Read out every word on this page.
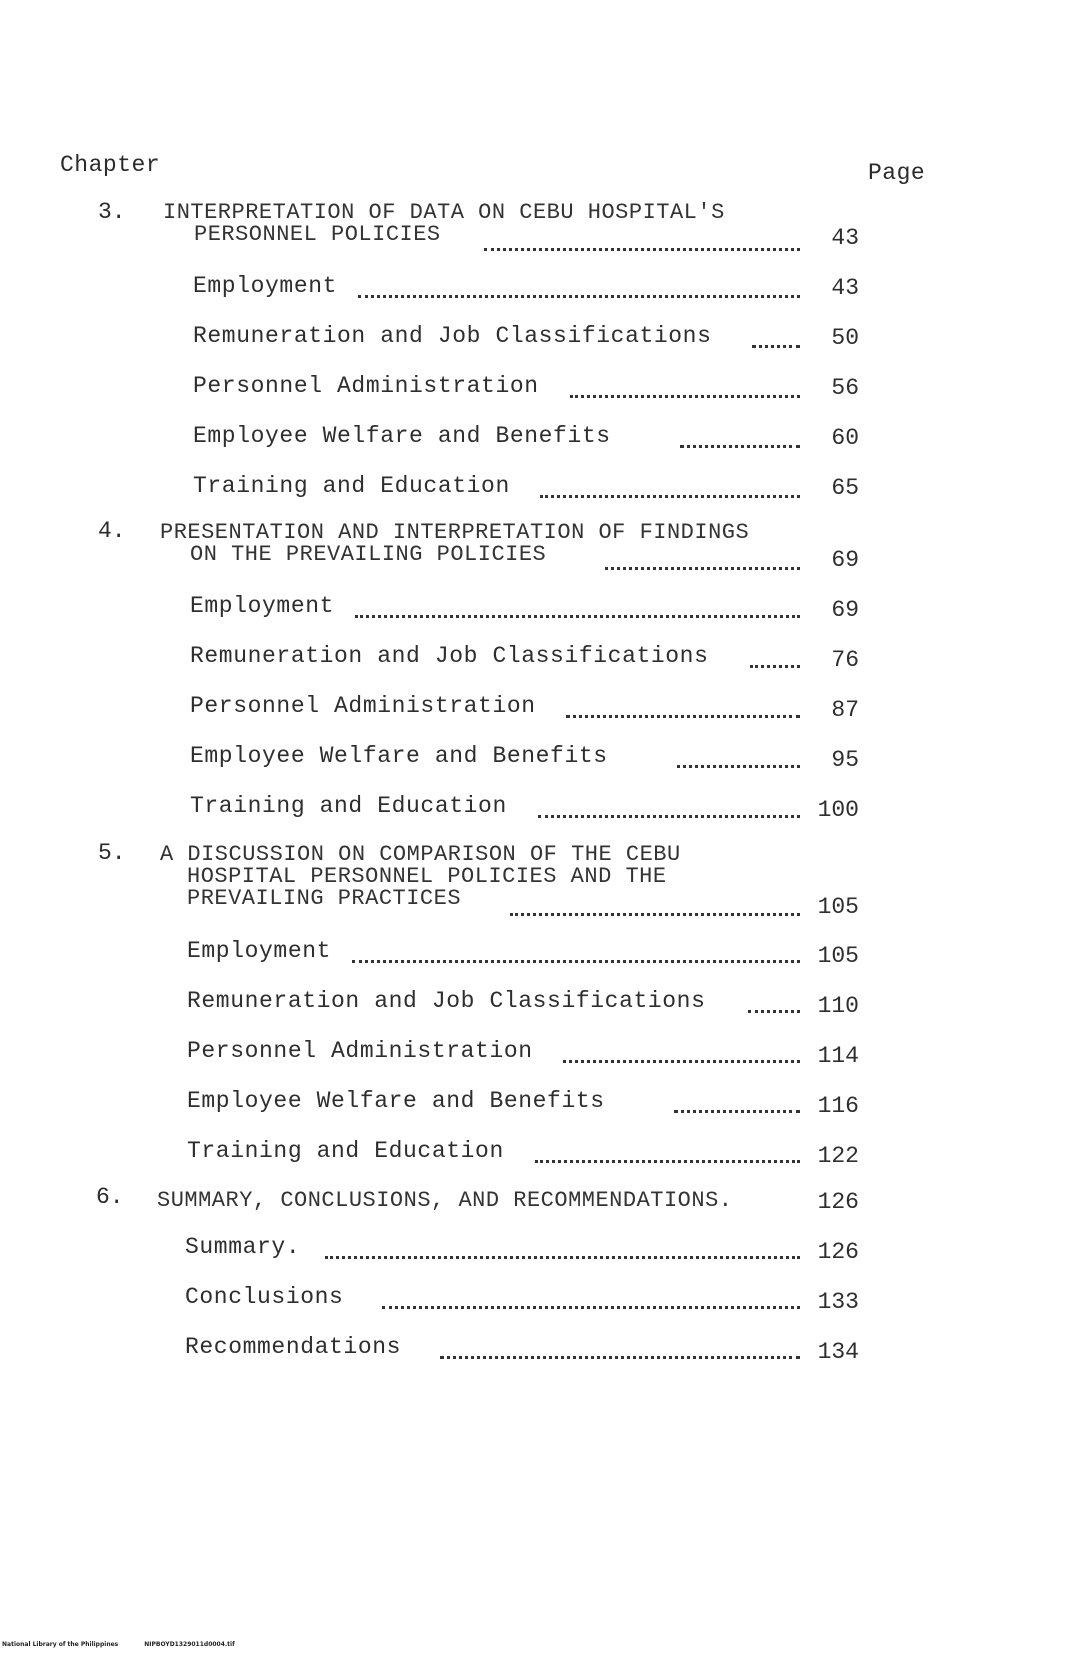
Chapter	Page
3. INTERPRETATION OF DATA ON CEBU HOSPITAL'S
PERSONNEL POLICIES	43
Employment	43
Remuneration and Job Classifications	50
Personnel Administration	56
Employee Welfare and Benefits	60
Training and Education	65
4. PRESENTATION AND INTERPRETATION OF FINDINGS
ON THE PREVAILING POLICIES	69
Employment	69
Remuneration and Job Classifications	76
Personnel Administration	87
Employee Welfare and Benefits	95
Training and Education	100
5. A DISCUSSION ON COMPARISON OF THE CEBU
HOSPITAL PERSONNEL POLICIES AND THE
PREVAILING PRACTICES	105
Employment	105
Remuneration and Job Classifications	110
Personnel Administration	114
Employee Welfare and Benefits	116
Training and Education	122
6. SUMMARY, CONCLUSIONS, AND RECOMMENDATIONS.	126
Summary.	126
Conclusions	133
Recommendations	134
National Library of the Philippines	NIPBOYD1329011d0004.tif
